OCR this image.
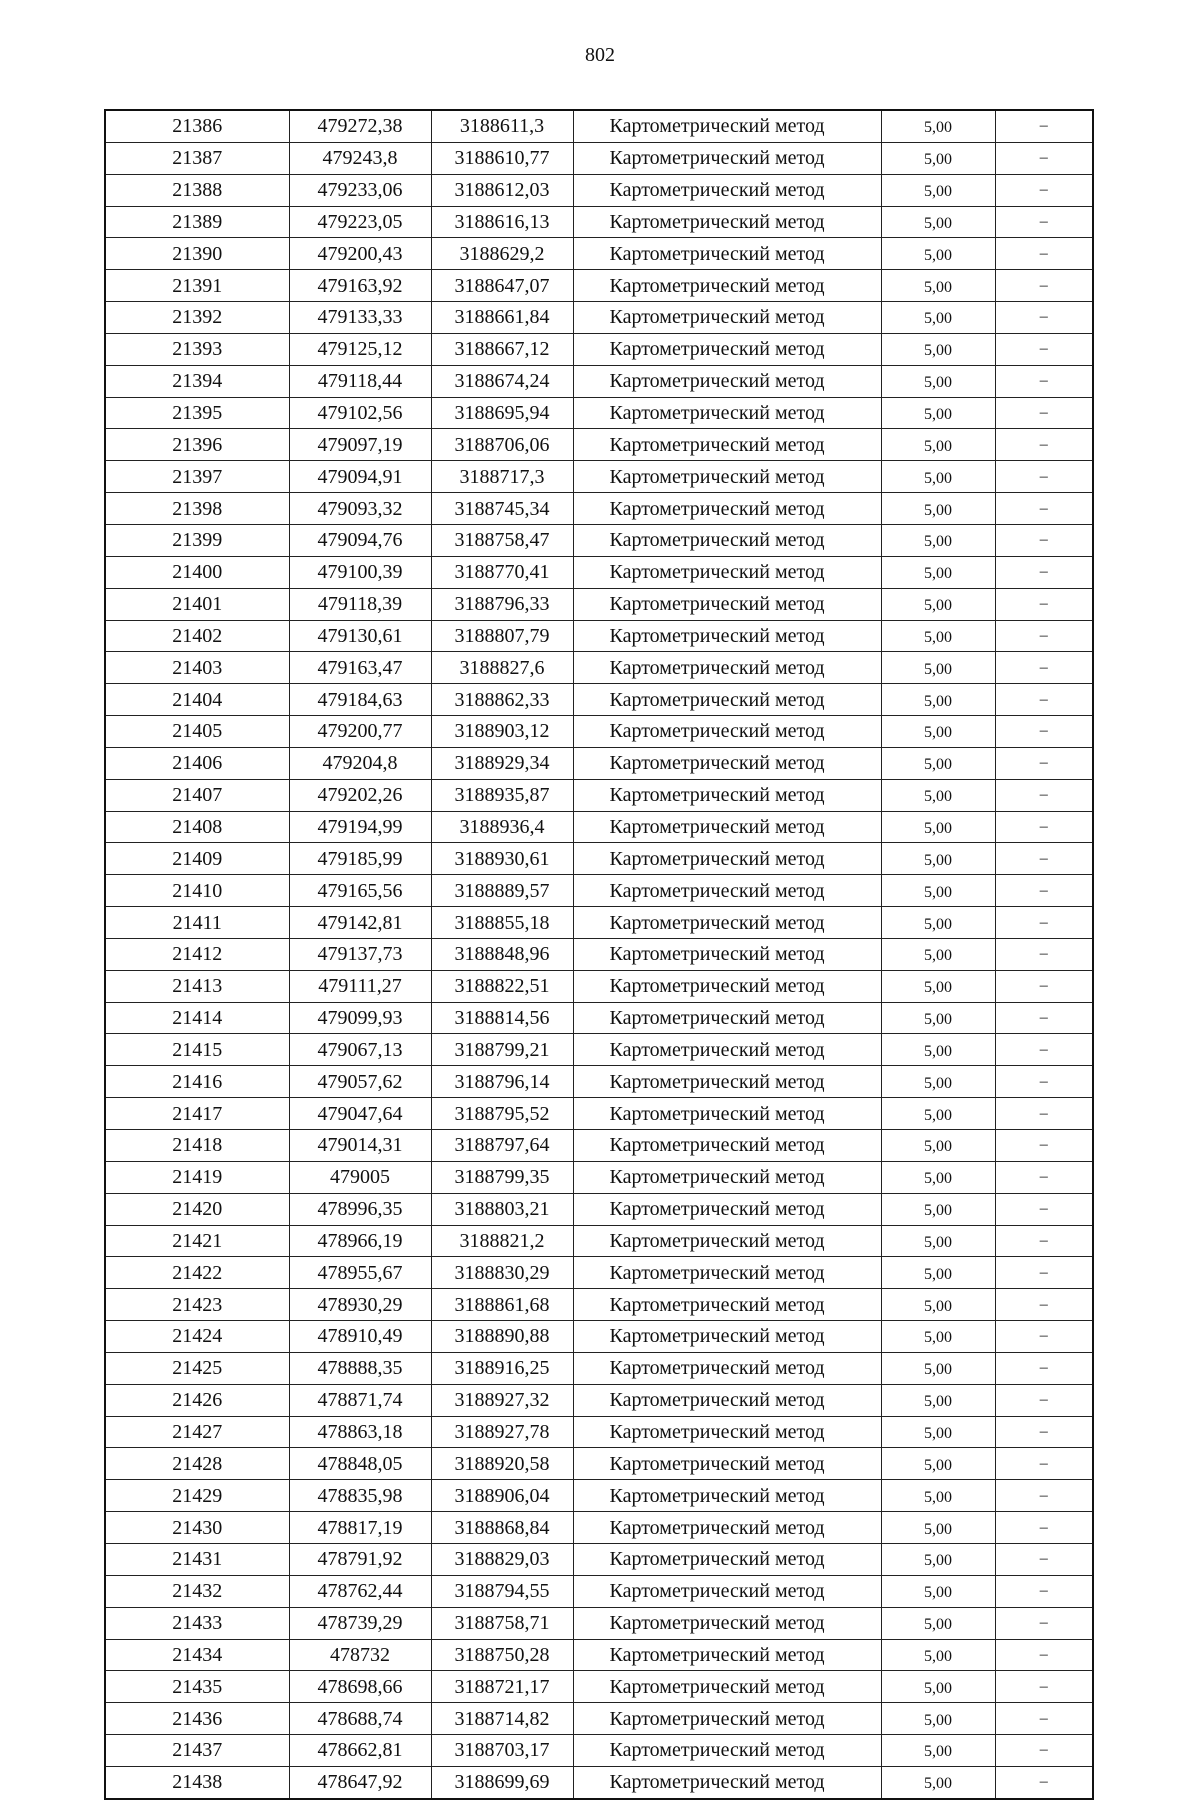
802
21386	479272,38	3188611,3	Картометрический метод	5,00	–
21387	479243,8	3188610,77	Картометрический метод	5,00	–
21388	479233,06	3188612,03	Картометрический метод	5,00	–
21389	479223,05	3188616,13	Картометрический метод	5,00	–
21390	479200,43	3188629,2	Картометрический метод	5,00	–
21391	479163,92	3188647,07	Картометрический метод	5,00	–
21392	479133,33	3188661,84	Картометрический метод	5,00	–
21393	479125,12	3188667,12	Картометрический метод	5,00	–
21394	479118,44	3188674,24	Картометрический метод	5,00	–
21395	479102,56	3188695,94	Картометрический метод	5,00	–
21396	479097,19	3188706,06	Картометрический метод	5,00	–
21397	479094,91	3188717,3	Картометрический метод	5,00	–
21398	479093,32	3188745,34	Картометрический метод	5,00	–
21399	479094,76	3188758,47	Картометрический метод	5,00	–
21400	479100,39	3188770,41	Картометрический метод	5,00	–
21401	479118,39	3188796,33	Картометрический метод	5,00	–
21402	479130,61	3188807,79	Картометрический метод	5,00	–
21403	479163,47	3188827,6	Картометрический метод	5,00	–
21404	479184,63	3188862,33	Картометрический метод	5,00	–
21405	479200,77	3188903,12	Картометрический метод	5,00	–
21406	479204,8	3188929,34	Картометрический метод	5,00	–
21407	479202,26	3188935,87	Картометрический метод	5,00	–
21408	479194,99	3188936,4	Картометрический метод	5,00	–
21409	479185,99	3188930,61	Картометрический метод	5,00	–
21410	479165,56	3188889,57	Картометрический метод	5,00	–
21411	479142,81	3188855,18	Картометрический метод	5,00	–
21412	479137,73	3188848,96	Картометрический метод	5,00	–
21413	479111,27	3188822,51	Картометрический метод	5,00	–
21414	479099,93	3188814,56	Картометрический метод	5,00	–
21415	479067,13	3188799,21	Картометрический метод	5,00	–
21416	479057,62	3188796,14	Картометрический метод	5,00	–
21417	479047,64	3188795,52	Картометрический метод	5,00	–
21418	479014,31	3188797,64	Картометрический метод	5,00	–
21419	479005	3188799,35	Картометрический метод	5,00	–
21420	478996,35	3188803,21	Картометрический метод	5,00	–
21421	478966,19	3188821,2	Картометрический метод	5,00	–
21422	478955,67	3188830,29	Картометрический метод	5,00	–
21423	478930,29	3188861,68	Картометрический метод	5,00	–
21424	478910,49	3188890,88	Картометрический метод	5,00	–
21425	478888,35	3188916,25	Картометрический метод	5,00	–
21426	478871,74	3188927,32	Картометрический метод	5,00	–
21427	478863,18	3188927,78	Картометрический метод	5,00	–
21428	478848,05	3188920,58	Картометрический метод	5,00	–
21429	478835,98	3188906,04	Картометрический метод	5,00	–
21430	478817,19	3188868,84	Картометрический метод	5,00	–
21431	478791,92	3188829,03	Картометрический метод	5,00	–
21432	478762,44	3188794,55	Картометрический метод	5,00	–
21433	478739,29	3188758,71	Картометрический метод	5,00	–
21434	478732	3188750,28	Картометрический метод	5,00	–
21435	478698,66	3188721,17	Картометрический метод	5,00	–
21436	478688,74	3188714,82	Картометрический метод	5,00	–
21437	478662,81	3188703,17	Картометрический метод	5,00	–
21438	478647,92	3188699,69	Картометрический метод	5,00	–
